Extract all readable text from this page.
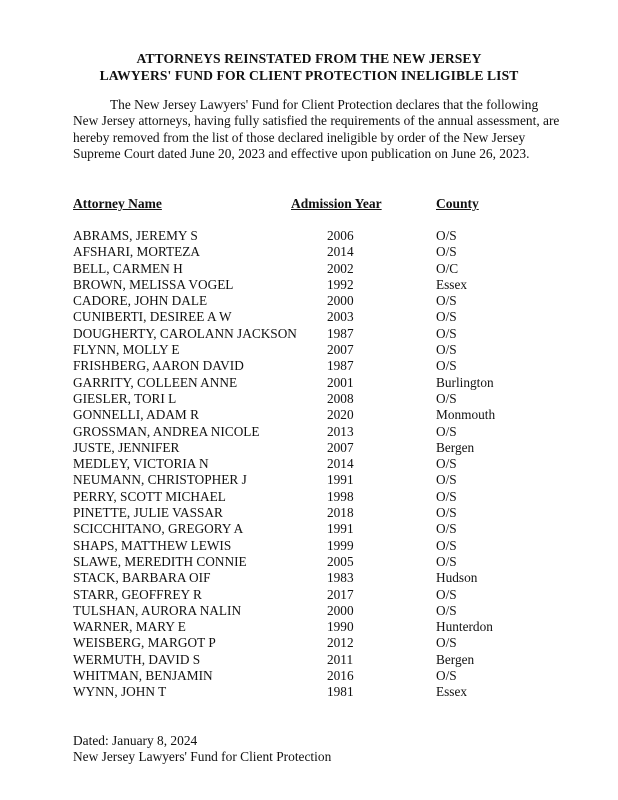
ATTORNEYS REINSTATED FROM THE NEW JERSEY
LAWYERS' FUND FOR CLIENT PROTECTION INELIGIBLE LIST

The New Jersey Lawyers' Fund for Client Protection declares that the following New Jersey attorneys, having fully satisfied the requirements of the annual assessment, are hereby removed from the list of those declared ineligible by order of the New Jersey Supreme Court dated June 20, 2023 and effective upon publication on June 26, 2023.

Attorney Name	Admission Year	County
ABRAMS, JEREMY S	2006	O/S
AFSHARI, MORTEZA	2014	O/S
BELL, CARMEN H	2002	O/C
BROWN, MELISSA VOGEL	1992	Essex
CADORE, JOHN DALE	2000	O/S
CUNIBERTI, DESIREE A W	2003	O/S
DOUGHERTY, CAROLANN JACKSON 1987	O/S
FLYNN, MOLLY E	2007	O/S
FRISHBERG, AARON DAVID	1987	O/S
GARRITY, COLLEEN ANNE	2001	Burlington
GIESLER, TORI L	2008	O/S
GONNELLI, ADAM R	2020	Monmouth
GROSSMAN, ANDREA NICOLE	2013	O/S
JUSTE, JENNIFER	2007	Bergen
MEDLEY, VICTORIA N	2014	O/S
NEUMANN, CHRISTOPHER J	1991	O/S
PERRY, SCOTT MICHAEL	1998	O/S
PINETTE, JULIE VASSAR	2018	O/S
SCICCHITANO, GREGORY A	1991	O/S
SHAPS, MATTHEW LEWIS	1999	O/S
SLAWE, MEREDITH CONNIE	2005	O/S
STACK, BARBARA OIF	1983	Hudson
STARR, GEOFFREY R	2017	O/S
TULSHAN, AURORA NALIN	2000	O/S
WARNER, MARY E	1990	Hunterdon
WEISBERG, MARGOT P	2012	O/S
WERMUTH, DAVID S	2011	Bergen
WHITMAN, BENJAMIN	2016	O/S
WYNN, JOHN T	1981	Essex
Dated: January 8, 2024
New Jersey Lawyers' Fund for Client Protection
